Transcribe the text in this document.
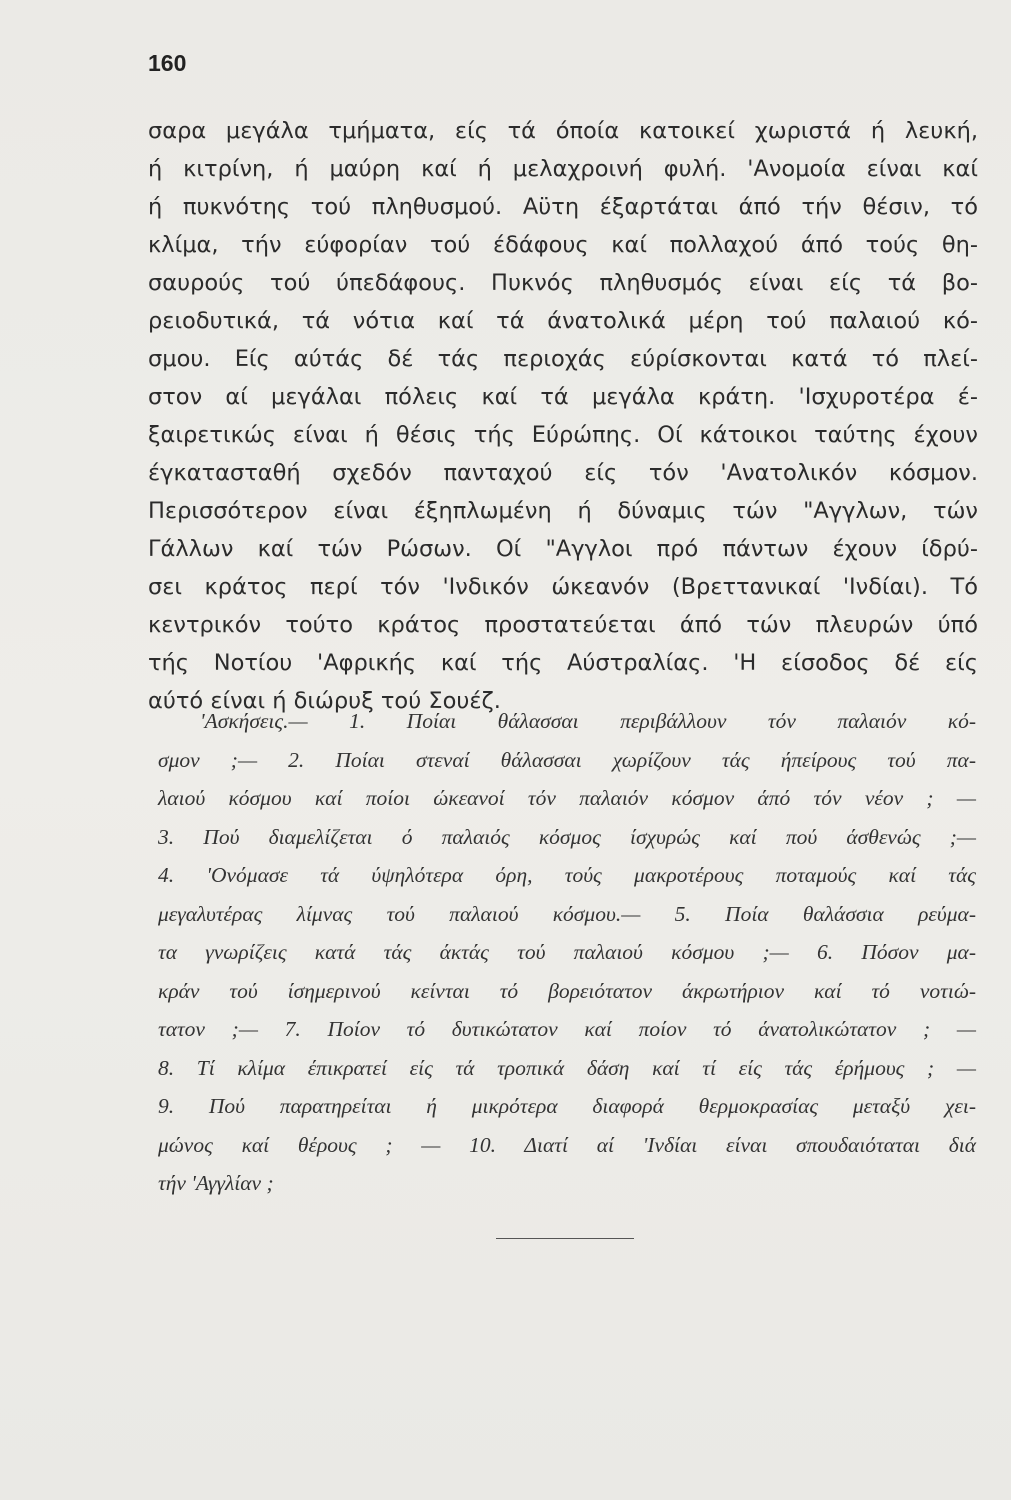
160
σαρα μεγάλα τμήματα, είς τά όποία κατοικεί χωριστά ή λευκή,
ή κιτρίνη, ή μαύρη καί ή μελαχροινή φυλή. 'Ανομοία είναι καί
ή πυκνότης τού πληθυσμού. Αϋτη έξαρτάται άπό τήν θέσιν, τό
κλίμα, τήν εύφορίαν τού έδάφους καί πολλαχού άπό τούς θη-
σαυρούς τού ύπεδάφους. Πυκνός πληθυσμός είναι είς τά βο-
ρειοδυτικά, τά νότια καί τά άνατολικά μέρη τού παλαιού κό-
σμου. Είς αύτάς δέ τάς περιοχάς εύρίσκονται κατά τό πλεί-
στον αί μεγάλαι πόλεις καί τά μεγάλα κράτη. 'Ισχυροτέρα έ-
ξαιρετικώς είναι ή θέσις τής Εύρώπης. Οί κάτοικοι ταύτης έχουν
έγκατασταθή σχεδόν πανταχού είς τόν 'Ανατολικόν κόσμον.
Περισσότερον είναι έξηπλωμένη ή δύναμις τών "Αγγλων, τών
Γάλλων καί τών Ρώσων. Οί "Αγγλοι πρό πάντων έχουν ίδρύ-
σει κράτος περί τόν 'Ινδικόν ώκεανόν (Βρεττανικαί 'Ινδίαι). Τό
κεντρικόν τούτο κράτος προστατεύεται άπό τών πλευρών ύπό
τής Νοτίου 'Αφρικής καί τής Αύστραλίας. 'Η είσοδος δέ είς
αύτό είναι ή διώρυξ τού Σουέζ.
'Ασκήσεις.— 1. Ποίαι θάλασσαι περιβάλλουν τόν παλαιόν κό-
σμον ;— 2. Ποίαι στεναί θάλασσαι χωρίζουν τάς ήπείρους τού πα-
λαιού κόσμου καί ποίοι ώκεανοί τόν παλαιόν κόσμον άπό τόν νέον ; —
3. Πού διαμελίζεται ό παλαιός κόσμος ίσχυρώς καί πού άσθενώς ;—
4. 'Ονόμασε τά ύψηλότερα όρη, τούς μακροτέρους ποταμούς καί τάς
μεγαλυτέρας λίμνας τού παλαιού κόσμου.— 5. Ποία θαλάσσια ρεύμα-
τα γνωρίζεις κατά τάς άκτάς τού παλαιού κόσμου ;— 6. Πόσον μα-
κράν τού ίσημερινού κείνται τό βορειότατον άκρωτήριον καί τό νοτιώ-
τατον ;— 7. Ποίον τό δυτικώτατον καί ποίον τό άνατολικώτατον ; —
8. Τί κλίμα έπικρατεί είς τά τροπικά δάση καί τί είς τάς έρήμους ; —
9. Πού παρατηρείται ή μικρότερα διαφορά θερμοκρασίας μεταξύ χει-
μώνος καί θέρους ; — 10. Διατί αί 'Ινδίαι είναι σπουδαιόταται διά
τήν 'Αγγλίαν ;
